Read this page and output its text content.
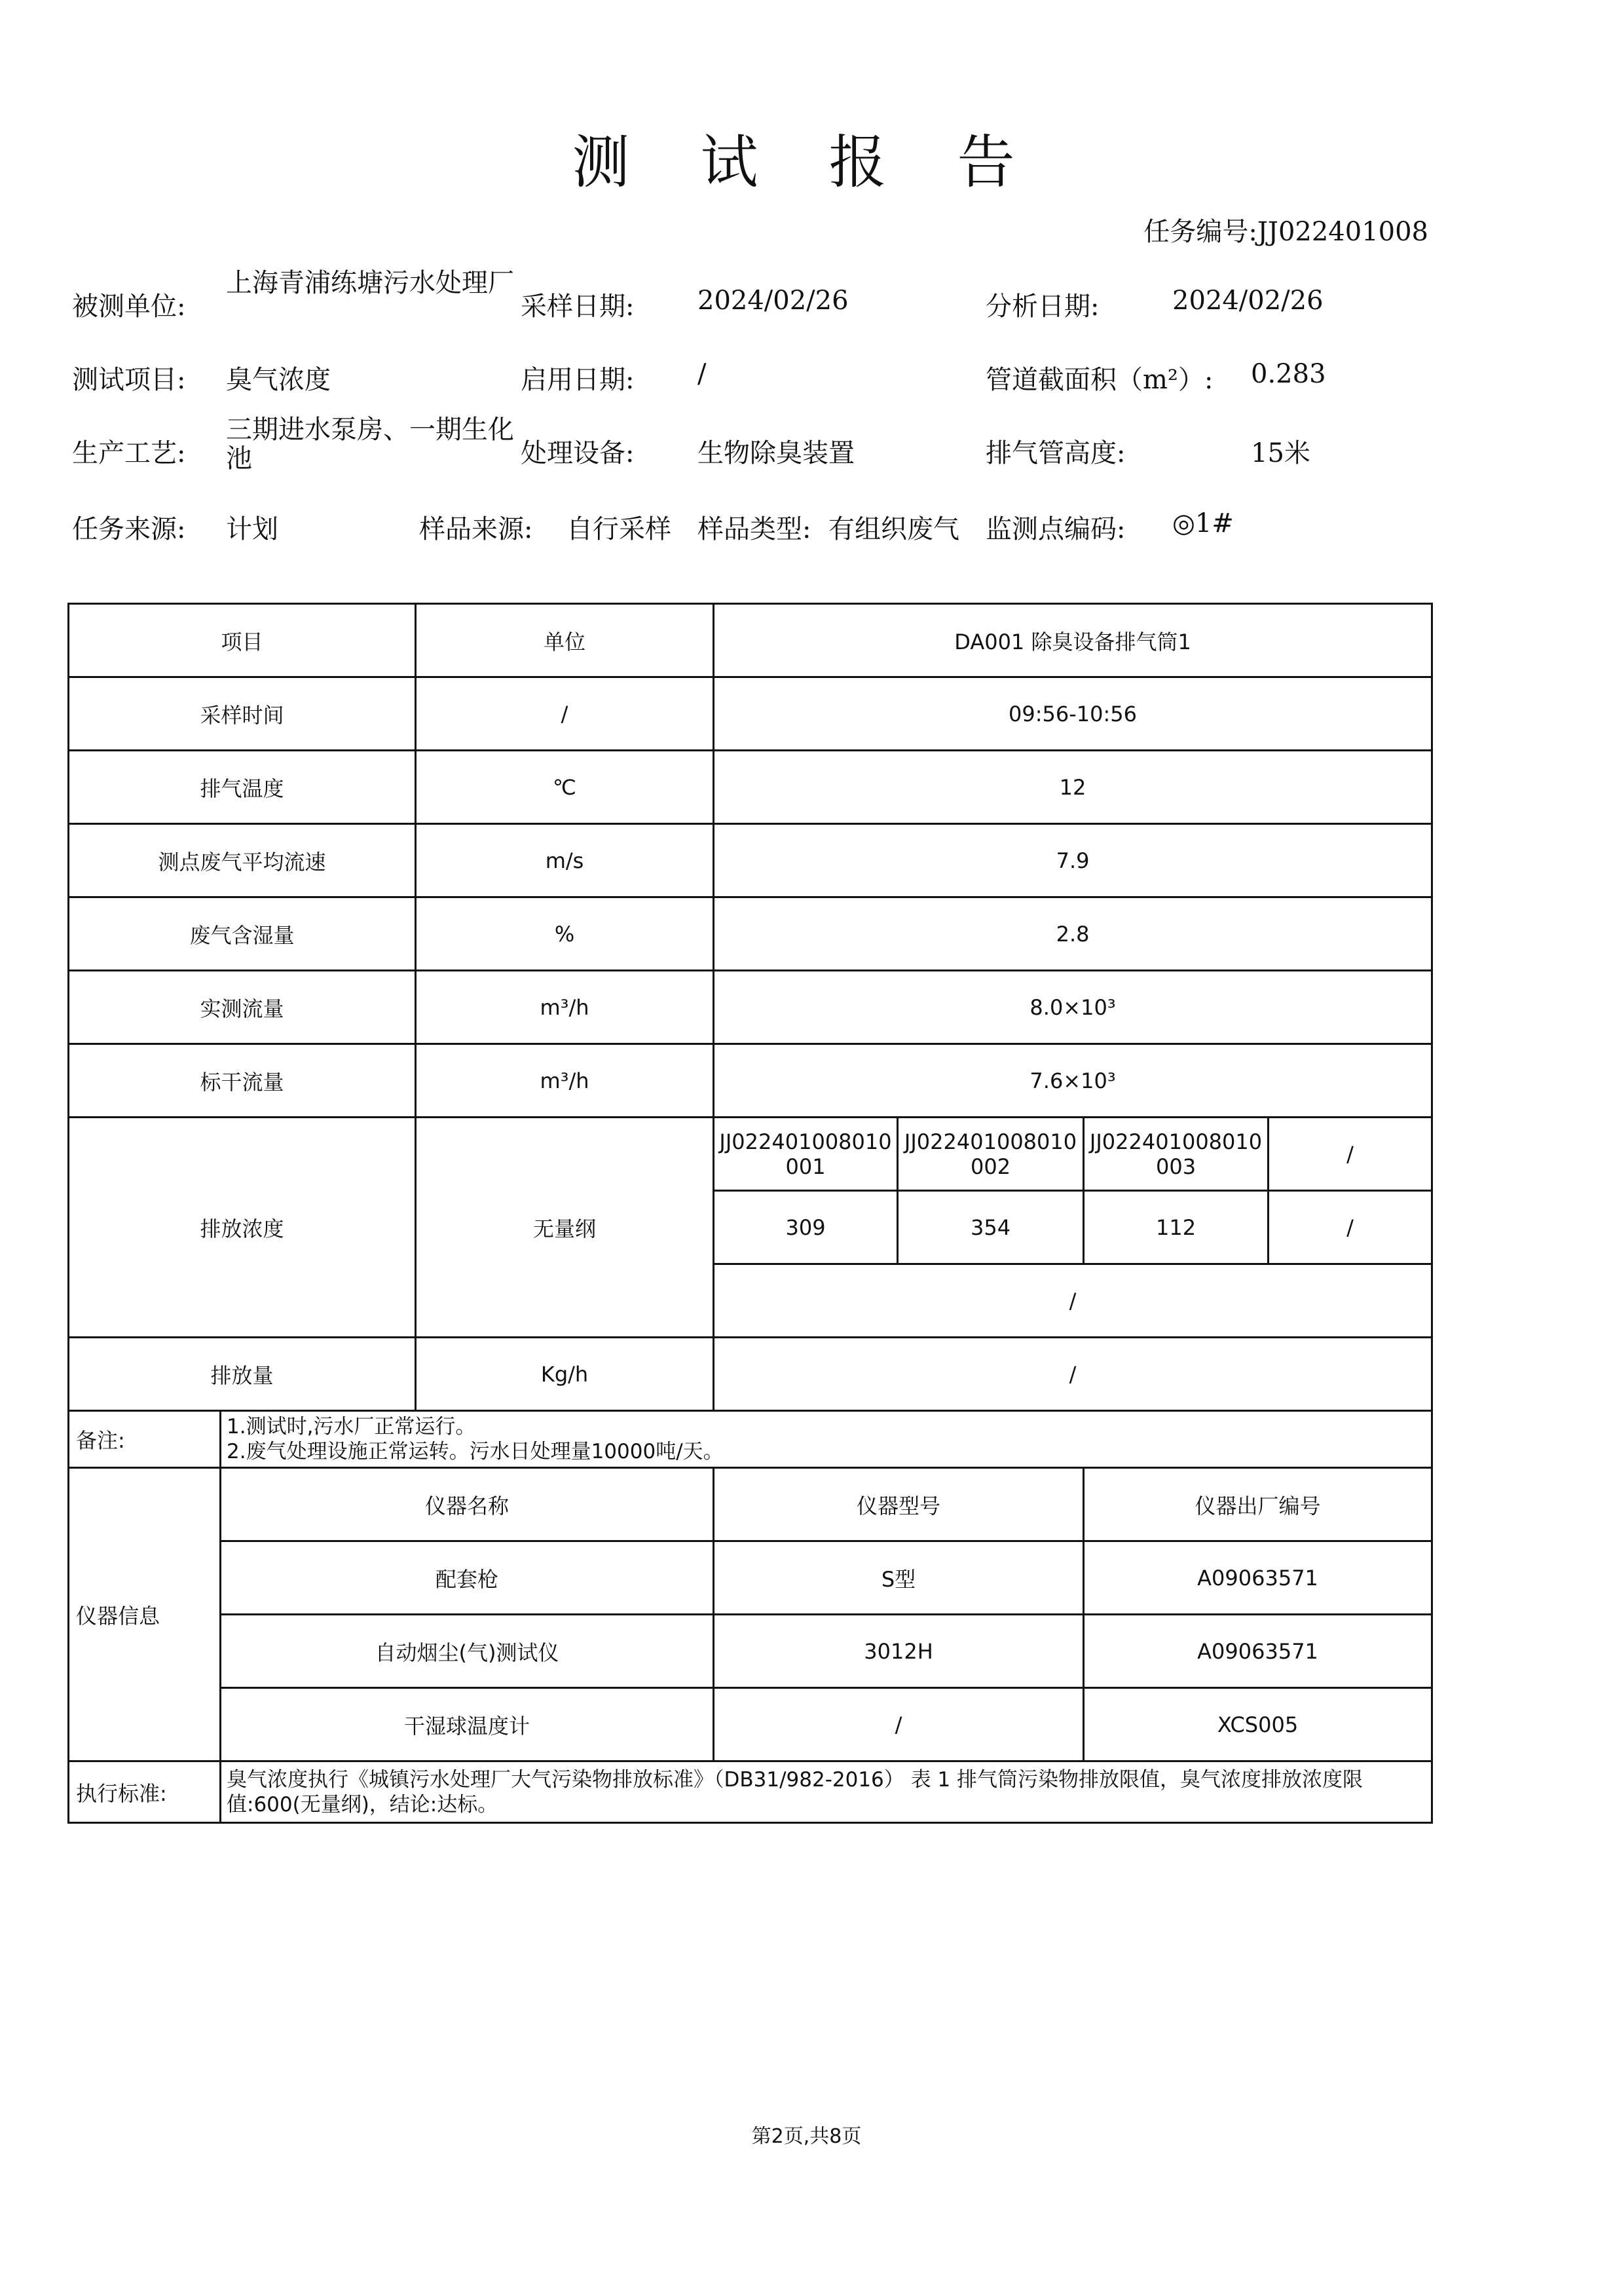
测 试 报 告
任务编号:JJ022401008
被测单位:
上海青浦练塘污水处理厂
采样日期: 2024/02/26	分析日期:	2024/02/26
测试项目: 臭气浓度	启用日期: /	管道截面积（m²）: 0.283
生产工艺:
三期进水泵房、一期生化池	处理设备: 生物除臭装置	排气管高度:	15米
任务来源: 计划	样品来源: 自行采样 样品类型: 有组织废气 监测点编码: ◎1#
项目		单位	DA001 除臭设备排气筒1			
采样时间		/	09:56-10:56			
排气温度		℃	12			
测点废气平均流速		m/s	7.9			
废气含湿量		%	2.8			
实测流量		m³/h	8.0×10³			
标干流量		m³/h	7.6×10³			
排放浓度		无量纲	JJ022401008010001	JJ022401008010002	JJ022401008010003	/
			309	354	112	/
			/			
排放量		Kg/h	/			
备注:	1.测试时,污水厂正常运行。
2.废气处理设施正常运转。污水日处理量10000吨/天。					

仪器信息	仪器名称		仪器型号		仪器出厂编号	
	配套枪		S型		A09063571	
	自动烟尘(气)测试仪		3012H		A09063571	
	干湿球温度计		/		XCS005	
执行标准:	臭气浓度执行《城镇污水处理厂大气污染物排放标准》（DB31/982-2016） 表 1 排气筒污染物排放限值，臭气浓度排放浓度限值:600(无量纲)，结论:达标。					
第2页,共8页
